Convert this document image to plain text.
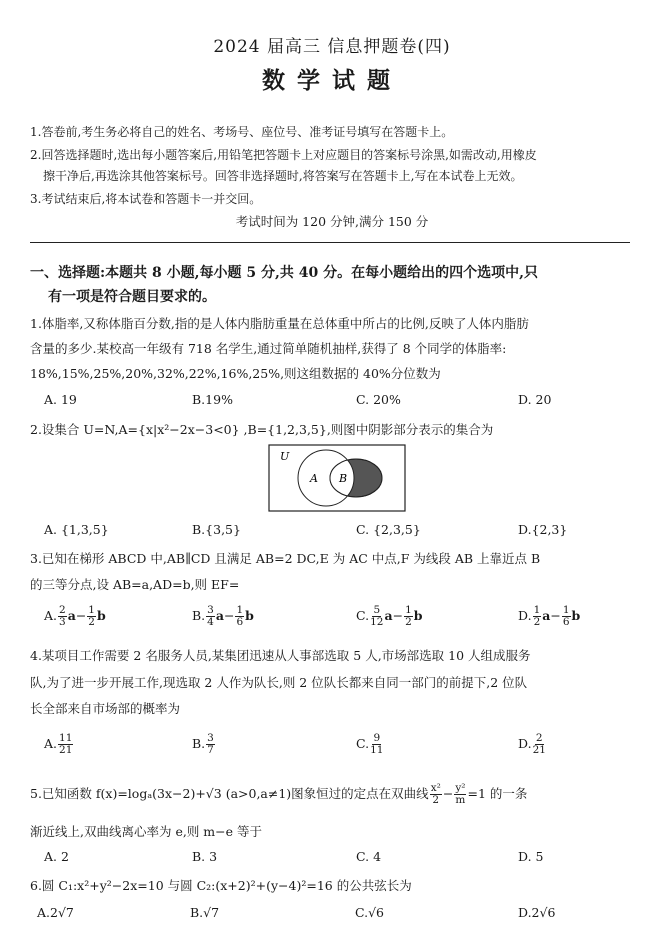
2024 届高三 信息押题卷(四)
数学试题
1.答卷前,考生务必将自己的姓名、考场号、座位号、准考证号填写在答题卡上。
2.回答选择题时,选出每小题答案后,用铅笔把答题卡上对应题目的答案标号涂黑,如需改动,用橡皮
擦干净后,再选涂其他答案标号。回答非选择题时,将答案写在答题卡上,写在本试卷上无效。
3.考试结束后,将本试卷和答题卡一并交回。
考试时间为 120 分钟,满分 150 分
一、选择题:本题共 8 小题,每小题 5 分,共 40 分。在每小题给出的四个选项中,只
有一项是符合题目要求的。
1.体脂率,又称体脂百分数,指的是人体内脂肪重量在总体重中所占的比例,反映了人体内脂肪
含量的多少.某校高一年级有 718 名学生,通过简单随机抽样,获得了 8 个同学的体脂率:
18%,15%,25%,20%,32%,22%,16%,25%,则这组数据的 40%分位数为
A. 19	B.19%	C. 20%	D. 20
2.设集合 U=N,A={x|x²−2x−3<0} ,B={1,2,3,5},则图中阴影部分表示的集合为
U
A B
A. {1,3,5}	B.{3,5}	C. {2,3,5}	D.{2,3}
3.已知在梯形 ABCD 中,AB∥CD 且满足 AB=2 DC,E 为 AC 中点,F 为线段 AB 上靠近点 B
的三等分点,设 AB=a,AD=b,则 EF=
A. $\frac{2}{3} a- \frac{1}{2}$ b	B. $\frac{3}{4} a- \frac{1}{6}$ b	C. $\frac{5}{12} a- \frac{1}{2}$ b	D. $\frac{1}{2} a- \frac{1}{6}$ b
4.某项目工作需要 2 名服务人员,某集团迅速从人事部选取 5 人,市场部选取 10 人组成服务
队,为了进一步开展工作,现选取 2 人作为队长,则 2 位队长都来自同一部门的前提下,2 位队
长全部来自市场部的概率为
A. $\frac{11}{21}$	B. $\frac{3}{7}$	C. $\frac{9}{11}$	D. $\frac{2}{21}$
5.已知函数 f(x)=logₐ(3x−2)+√3 (a>0,a≠1)图象恒过的定点在双曲线 $\frac{\text{x²}}{2} - \frac{\text{y²}}{m} =1$ 的一条
渐近线上,双曲线离心率为 e,则 m−e 等于
A. 2	B. 3	C. 4	D. 5
6.圆 C₁:x²+y²−2x=10 与圆 C₂:(x+2)²+(y−4)²=16 的公共弦长为
A.2√7	B.√7	C.√6	D.2√6
